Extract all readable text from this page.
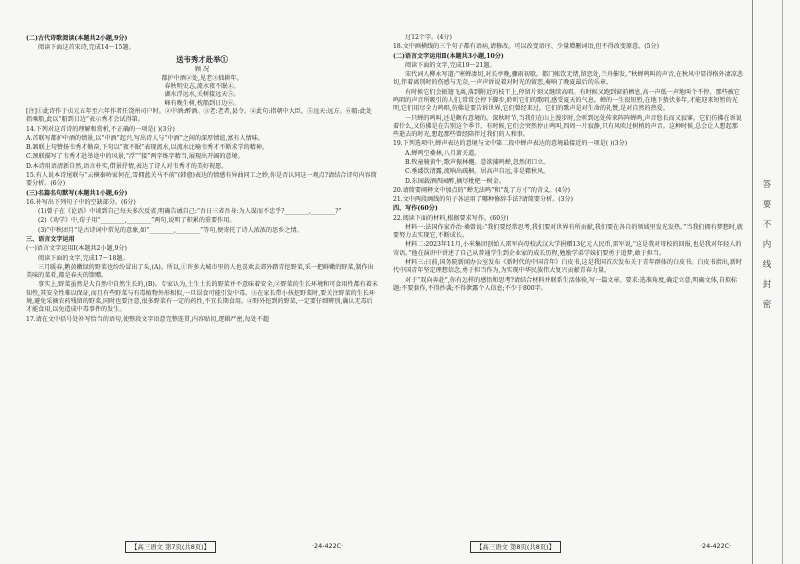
(二)古代诗歌阅读(本题共2小题,9分)
阅读下面这首宋诗,完成14～15题。
送韦秀才赴举①
顾 况
都护中酒②处,见老③拙耕年。
春秋明史志,流水夜不眠④。
湖水浮远水,关树接远天⑤。
峰有晚生树,枕船到日边⑥。
[注]①此诗作于贞元五年至六年作者任饶州司户时。②中酒:醉酒。③老:老者,县令。④此句:指朝中大臣。⑤远天:远方。⑥船:此处指乘船,此以“船到日边”表示秀才会试得第。
14.下列对这首诗的理解和赏析,不正确的一项是( )(3分)
A.首联写都护中酒的情景,以“中酒”起兴,写出诗人与“中酒”之间的深厚情谊,富有人情味。
B.颔联上句赞扬韦秀才勤奋,下句以“夜不眠”表现流水,以流水比喻韦秀才不断求学的精神。
C.颈联描写了韦秀才赴举途中的风景,“浮”“接”两字炼字精当,展现出开阔的意境。
D.本诗用语清新自然,语言朴实,借景抒情,表达了诗人对韦秀才的美好祝愿。
15.有人说本诗尾联与“云横秦岭家何在,雪拥蓝关马不前”(韩愈)表达的情感有异曲同工之妙,你是否认同这一观点?请结合诗句内容简要分析。(6分)
(三)名篇名句默写(本题共1小题,6分)
16.补写出下列句子中的空缺部分。(6分)
(1)曾子在《论语》中谈到自己每天多次反省,明确告诫自己:“吾日三省吾身:为人谋而不忠乎?________,________?”
(2)《劝学》中,荀子用“________,________”两句,说明了积累的重要作用。
(3)“中秋团月”是古诗词中常见的意象,如“________,________”等句,便寄托了诗人浓浓的思乡之情。
三、语言文字运用
(一)语言文字运用Ⅰ(本题共2小题,9分)
阅读下面的文字,完成17～18题。
三月暖春,鹅黄嫩绿的野菜也纷纷冒出了头,(A)。所以,①许多大城市里的人也喜欢去郊外踏青挖野菜,采一把鲜嫩的野菜,制作出美味的菜肴,都是春天的馈赠。
事实上,野菜虽然是大自然中自然生长的,(B)。专家认为,土生土长的野菜并不意味着安全,②野菜的生长环境和可食用性都有着未知性,其安全性难以保证,而且有些野菜与有毒植物外形相似,一旦误食可能引发中毒。③在家长带小孩挖野菜时,要关注野菜的生长环境,避免采摘农药残留的野菜,同时也要注意,很多野菜有一定的药性,不宜长期食用。④野外挖到的野菜,一定要仔细辨别,确认无毒后才能食用,以免造成中毒事件的发生。
17.请在文中括号处补写恰当的语句,使整段文字语意完整连贯,内容贴切,逻辑严密,每处不超
过12个字。(4分)
18.文中画横线的三个句子都有语病,请修改。可以改变语序、少量增删词语,但不得改变原意。(5分)
(二)语言文字运用Ⅱ(本题共3小题,10分)
阅读下面的文字,完成19～21题。
宋代词人柳永写道:“寒蝉凄切,对长亭晚,骤雨初歇。都门帐饮无绪,留恋处,兰舟催发。”秋蝉鸣叫的声音,在秋风中显得格外凄凉悲切,伴着离别时的伤感与无奈,一声声诉说着对时光的留恋,奏响了晚夏最后的乐章。
有时候它们会振翅飞离,落到附近的枝干上,停留片刻又继续高唱。有时候又跑到窗前栖息,高一声低一声地叫个不停。那些被它鸣唱的声音所吸引的人们,常常会停下脚步,聆听它们的歌唱,感受夏天的气息。蝉的一生很短暂,在地下蛰伏多年,才能迎来短暂的光明,它们用尽全力鸣唱,仿佛是要告诉世界,它们曾经来过。它们的歌声是对生命的礼赞,是对自然的热爱。
一只蝉的鸣叫,还是颇有意境的。深秋时节,当我们在山上漫步时,会听到远处传来阵阵蝉鸣,声音悠长而又寂寥。它们仿佛在诉说着什么,又仿佛是在告别这个季节。有时候,它们会突然停止鸣叫,四周一片寂静,只有风吹过树梢的声音。这种时候,总会让人想起那些逝去的时光,想起那些曾经陪伴过我们的人和事。
19.下列选项中,蝉声表达的意境与文中第二段中蝉声表达的意境最接近的一项是( )(3分)
A.蝉鸣空桑林,八月萧关道。
B.牧童骑黄牛,歌声振林樾。意欲捕鸣蝉,忽然闭口立。
C.垂緌饮清露,流响出疏桐。居高声自远,非是藉秋风。
D.东园载酒西园醉,摘尽枇杷一树金。
20.请简要阐释文中加点的“蝉无法鸣”和“乱了方寸”的含义。(4分)
21.文中两段画线的句子各运用了哪种修辞手法?请简要分析。(3分)
四、写作(60分)
22.阅读下面的材料,根据要求写作。(60分)
材料一:法国作家乔治·桑曾说:“我们要经常思考,我们要对世界有所贡献,我们要在各自的领域里发光发热。”当我们拥有梦想时,就要努力去实现它,不断成长。
材料二:2023年11月,小米集团创始人雷军向母校武汉大学捐赠13亿元人民币,雷军说,“这是我对母校的回报,也是我对年轻人的寄语。”他在演讲中讲述了自己从普通学生到企业家的成长历程,勉励学弟学妹们要勇于追梦,敢于担当。
材料三:日前,国务院新闻办公室发布《新时代的中国青年》白皮书,这是我国首次发布关于青年群体的白皮书。白皮书指出,新时代中国青年坚定理想信念,勇于担当作为,为实现中华民族伟大复兴贡献青春力量。
对于“双向奔赴”,你有怎样的感悟和思考?请结合材料并联系生活体验,写一篇文章。要求:选准角度,确定立意,明确文体,自拟标题;不要套作,不得抄袭;不得泄露个人信息;不少于800字。
【高三语文 第7页(共8页)】	·24-422C·	【高三语文 第8页(共8页)】	·24-422C·
答
要
不
内
线
封
密
